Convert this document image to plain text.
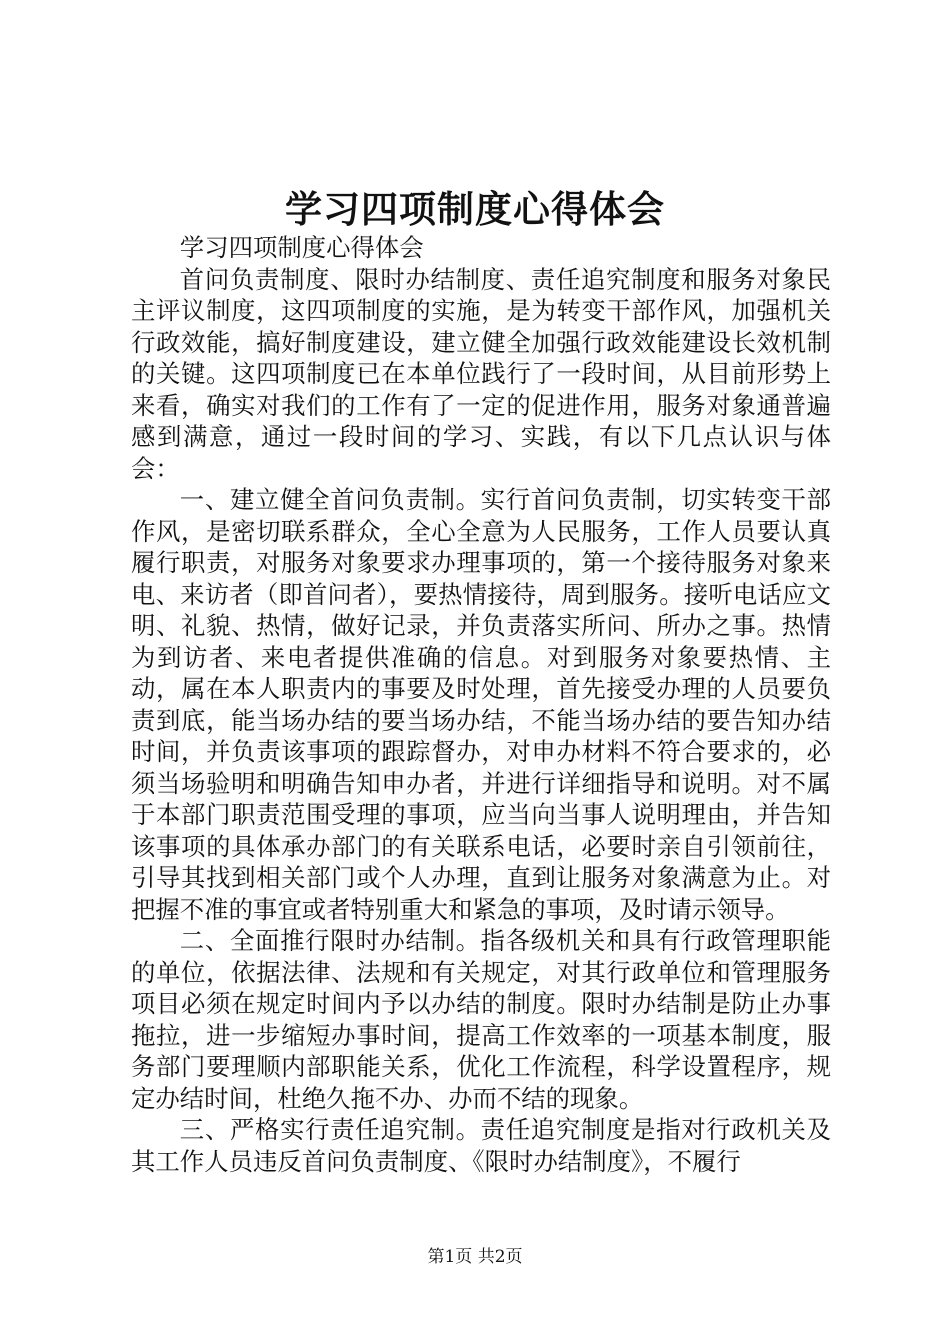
学习四项制度心得体会

学习四项制度心得体会

首问负责制度、限时办结制度、责任追究制度和服务对象民主评议制度，这四项制度的实施，是为转变干部作风，加强机关行政效能，搞好制度建设，建立健全加强行政效能建设长效机制的关键。这四项制度已在本单位践行了一段时间，从目前形势上来看，确实对我们的工作有了一定的促进作用，服务对象通普遍感到满意，通过一段时间的学习、实践，有以下几点认识与体会：

一、建立健全首问负责制。实行首问负责制，切实转变干部作风，是密切联系群众，全心全意为人民服务，工作人员要认真履行职责，对服务对象要求办理事项的，第一个接待服务对象来电、来访者（即首问者），要热情接待，周到服务。接听电话应文明、礼貌、热情，做好记录，并负责落实所问、所办之事。热情为到访者、来电者提供准确的信息。对到服务对象要热情、主动，属在本人职责内的事要及时处理，首先接受办理的人员要负责到底，能当场办结的要当场办结，不能当场办结的要告知办结时间，并负责该事项的跟踪督办，对申办材料不符合要求的，必须当场验明和明确告知申办者，并进行详细指导和说明。对不属于本部门职责范围受理的事项，应当向当事人说明理由，并告知该事项的具体承办部门的有关联系电话，必要时亲自引领前往，引导其找到相关部门或个人办理，直到让服务对象满意为止。对把握不准的事宜或者特别重大和紧急的事项，及时请示领导。

二、全面推行限时办结制。指各级机关和具有行政管理职能的单位，依据法律、法规和有关规定，对其行政单位和管理服务项目必须在规定时间内予以办结的制度。限时办结制是防止办事拖拉，进一步缩短办事时间，提高工作效率的一项基本制度，服务部门要理顺内部职能关系，优化工作流程，科学设置程序，规定办结时间，杜绝久拖不办、办而不结的现象。

三、严格实行责任追究制。责任追究制度是指对行政机关及其工作人员违反首问负责制度、《限时办结制度》，不履行

第1页 共2页
